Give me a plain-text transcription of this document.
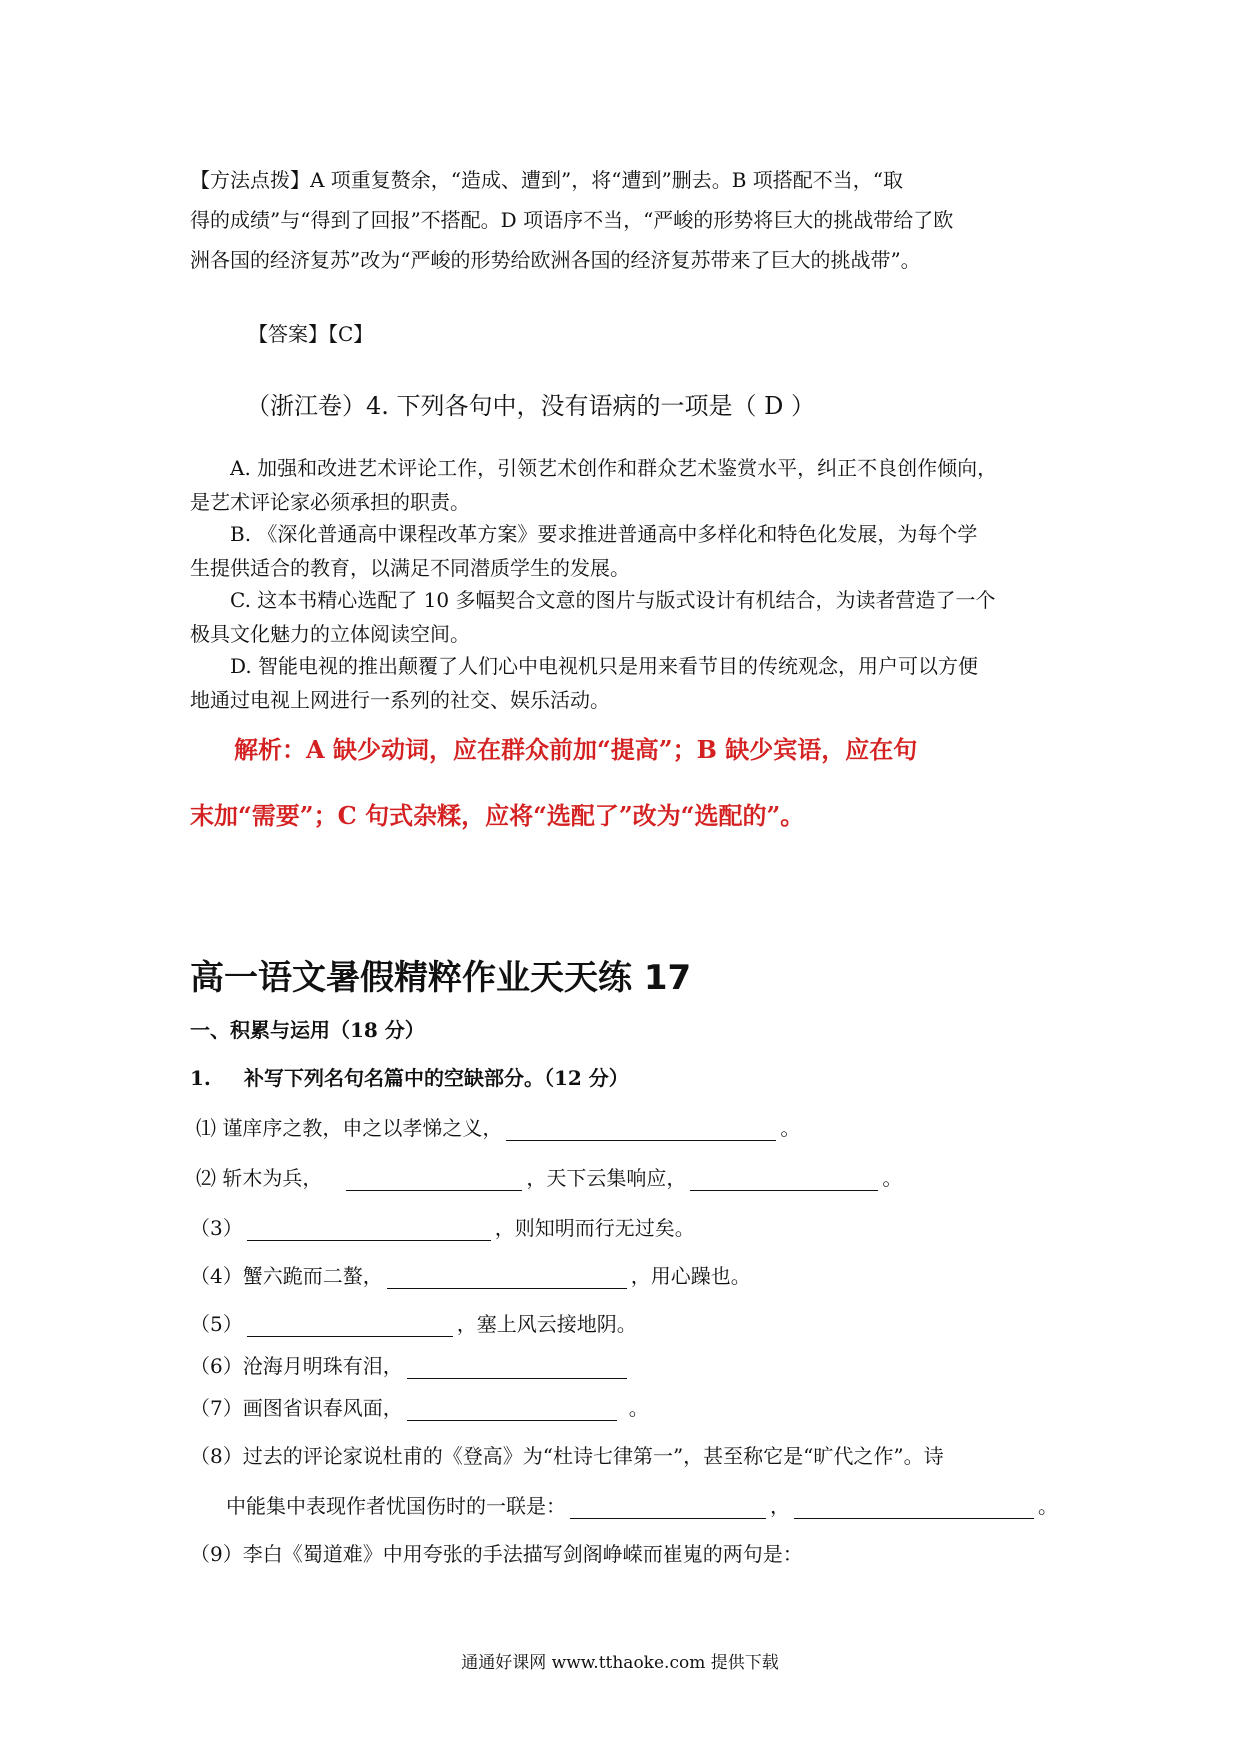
【方法点拨】A 项重复赘余，“造成、遭到”，将“遭到”删去。B 项搭配不当，“取
得的成绩”与“得到了回报”不搭配。D 项语序不当，“严峻的形势将巨大的挑战带给了欧
洲各国的经济复苏”改为“严峻的形势给欧洲各国的经济复苏带来了巨大的挑战带”。
【答案】【C】
（浙江卷）4. 下列各句中，没有语病的一项是（ D ）
A. 加强和改进艺术评论工作，引领艺术创作和群众艺术鉴赏水平，纠正不良创作倾向，
是艺术评论家必须承担的职责。
B. 《深化普通高中课程改革方案》要求推进普通高中多样化和特色化发展，为每个学
生提供适合的教育，以满足不同潜质学生的发展。
C. 这本书精心选配了 10 多幅契合文意的图片与版式设计有机结合，为读者营造了一个
极具文化魅力的立体阅读空间。
D. 智能电视的推出颠覆了人们心中电视机只是用来看节目的传统观念，用户可以方便
地通过电视上网进行一系列的社交、娱乐活动。
解析：A 缺少动词，应在群众前加“提高”；B 缺少宾语，应在句
末加“需要”；C 句式杂糅，应将“选配了”改为“选配的”。
高一语文暑假精粹作业天天练 17
一、积累与运用（18 分）
1. 补写下列名句名篇中的空缺部分。（12 分）
⑴ 谨庠序之教，申之以孝悌之义，	。
⑵ 斩木为兵，	，天下云集响应，	。
（3）	，则知明而行无过矣。
（4）蟹六跪而二螯，	，用心躁也。
（5）	，塞上风云接地阴。
（6）沧海月明珠有泪，
（7）画图省识春风面，	。
（8）过去的评论家说杜甫的《登高》为“杜诗七律第一”，甚至称它是“旷代之作”。诗
中能集中表现作者忧国伤时的一联是：	，	。
（9）李白《蜀道难》中用夸张的手法描写剑阁峥嵘而崔嵬的两句是：
通通好课网 www.tthaoke.com 提供下载
